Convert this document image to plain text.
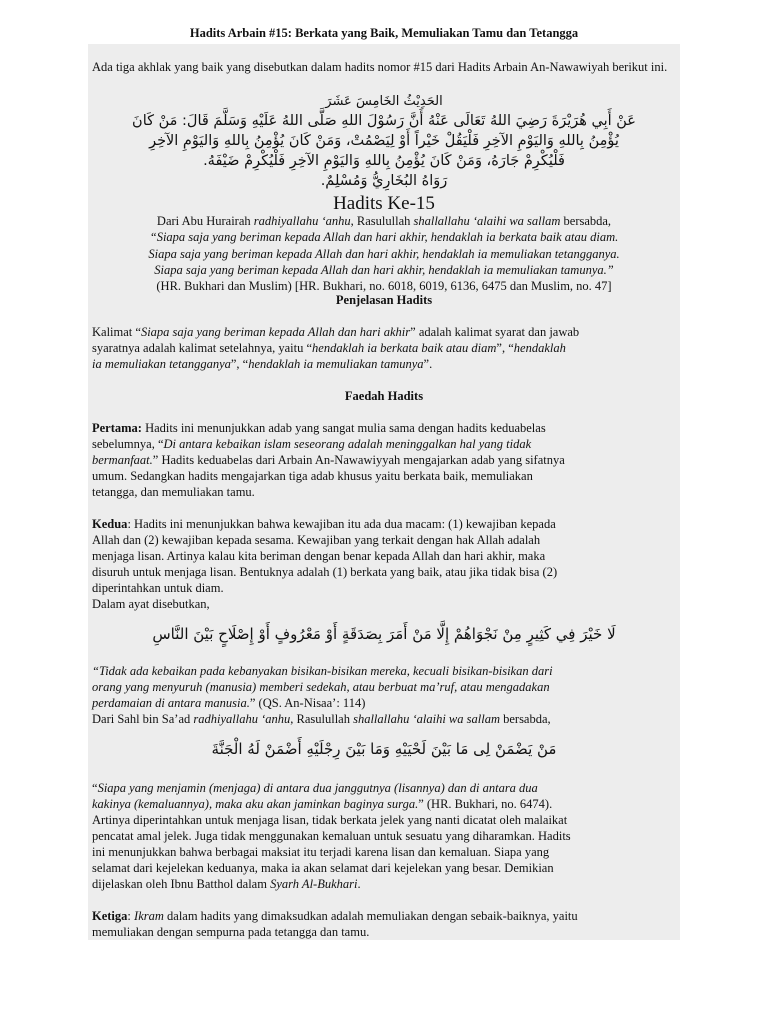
Hadits Arbain #15: Berkata yang Baik, Memuliakan Tamu dan Tetangga
Ada tiga akhlak yang baik yang disebutkan dalam hadits nomor #15 dari Hadits Arbain An-Nawawiyah berikut ini.
الحَدِيْثُ الخَامِسَ عَشَرَ
عَنْ أَبِي هُرَيْرَةَ رَضِيَ اللهُ تَعَالَى عَنْهُ أَنَّ رَسُوْلَ اللهِ صَلَّى اللهُ عَلَيْهِ وَسَلَّمَ قَالَ: مَنْ كَانَ
يُؤْمِنُ بِاللهِ وَاليَوْمِ الآخِرِ فَلْيَقُلْ خَيْراً أَوْ لِيَصْمُتْ، وَمَنْ كَانَ يُؤْمِنُ بِاللهِ وَاليَوْمِ الآخِرِ
فَلْيُكْرِمْ جَارَهُ، وَمَنْ كَانَ يُؤْمِنُ بِاللهِ وَاليَوْمِ الآخِرِ فَلْيُكْرِمْ ضَيْفَهُ.
رَوَاهُ البُخَارِيُّ وَمُسْلِمٌ.
Hadits Ke-15
Dari Abu Hurairah radhiyallahu ‘anhu, Rasulullah shallallahu ‘alaihi wa sallam bersabda,
“Siapa saja yang beriman kepada Allah dan hari akhir, hendaklah ia berkata baik atau diam.
Siapa saja yang beriman kepada Allah dan hari akhir, hendaklah ia memuliakan tetangganya.
Siapa saja yang beriman kepada Allah dan hari akhir, hendaklah ia memuliakan tamunya.”
(HR. Bukhari dan Muslim) [HR. Bukhari, no. 6018, 6019, 6136, 6475 dan Muslim, no. 47]
Penjelasan Hadits
Kalimat “Siapa saja yang beriman kepada Allah dan hari akhir” adalah kalimat syarat dan jawab
syaratnya adalah kalimat setelahnya, yaitu “hendaklah ia berkata baik atau diam”, “hendaklah
ia memuliakan tetangganya”, “hendaklah ia memuliakan tamunya”.
Faedah Hadits
Pertama: Hadits ini menunjukkan adab yang sangat mulia sama dengan hadits keduabelas
sebelumnya, “Di antara kebaikan islam seseorang adalah meninggalkan hal yang tidak
bermanfaat.” Hadits keduabelas dari Arbain An-Nawawiyyah mengajarkan adab yang sifatnya
umum. Sedangkan hadits mengajarkan tiga adab khusus yaitu berkata baik, memuliakan
tetangga, dan memuliakan tamu.
Kedua: Hadits ini menunjukkan bahwa kewajiban itu ada dua macam: (1) kewajiban kepada
Allah dan (2) kewajiban kepada sesama. Kewajiban yang terkait dengan hak Allah adalah
menjaga lisan. Artinya kalau kita beriman dengan benar kepada Allah dan hari akhir, maka
disuruh untuk menjaga lisan. Bentuknya adalah (1) berkata yang baik, atau jika tidak bisa (2)
diperintahkan untuk diam.
Dalam ayat disebutkan,
لَا خَيْرَ فِي كَثِيرٍ مِنْ نَجْوَاهُمْ إِلَّا مَنْ أَمَرَ بِصَدَقَةٍ أَوْ مَعْرُوفٍ أَوْ إِصْلَاحٍ بَيْنَ النَّاسِ
“Tidak ada kebaikan pada kebanyakan bisikan-bisikan mereka, kecuali bisikan-bisikan dari
orang yang menyuruh (manusia) memberi sedekah, atau berbuat ma’ruf, atau mengadakan
perdamaian di antara manusia.” (QS. An-Nisaa’: 114)
Dari Sahl bin Sa’ad radhiyallahu ‘anhu, Rasulullah shallallahu ‘alaihi wa sallam bersabda,
مَنْ يَضْمَنْ لِى مَا بَيْنَ لَحْيَيْهِ وَمَا بَيْنَ رِجْلَيْهِ أَضْمَنْ لَهُ الْجَنَّةَ
“Siapa yang menjamin (menjaga) di antara dua janggutnya (lisannya) dan di antara dua
kakinya (kemaluannya), maka aku akan jaminkan baginya surga.” (HR. Bukhari, no. 6474).
Artinya diperintahkan untuk menjaga lisan, tidak berkata jelek yang nanti dicatat oleh malaikat
pencatat amal jelek. Juga tidak menggunakan kemaluan untuk sesuatu yang diharamkan. Hadits
ini menunjukkan bahwa berbagai maksiat itu terjadi karena lisan dan kemaluan. Siapa yang
selamat dari kejelekan keduanya, maka ia akan selamat dari kejelekan yang besar. Demikian
dijelaskan oleh Ibnu Batthol dalam Syarh Al-Bukhari.
Ketiga: Ikram dalam hadits yang dimaksudkan adalah memuliakan dengan sebaik-baiknya, yaitu
memuliakan dengan sempurna pada tetangga dan tamu.
